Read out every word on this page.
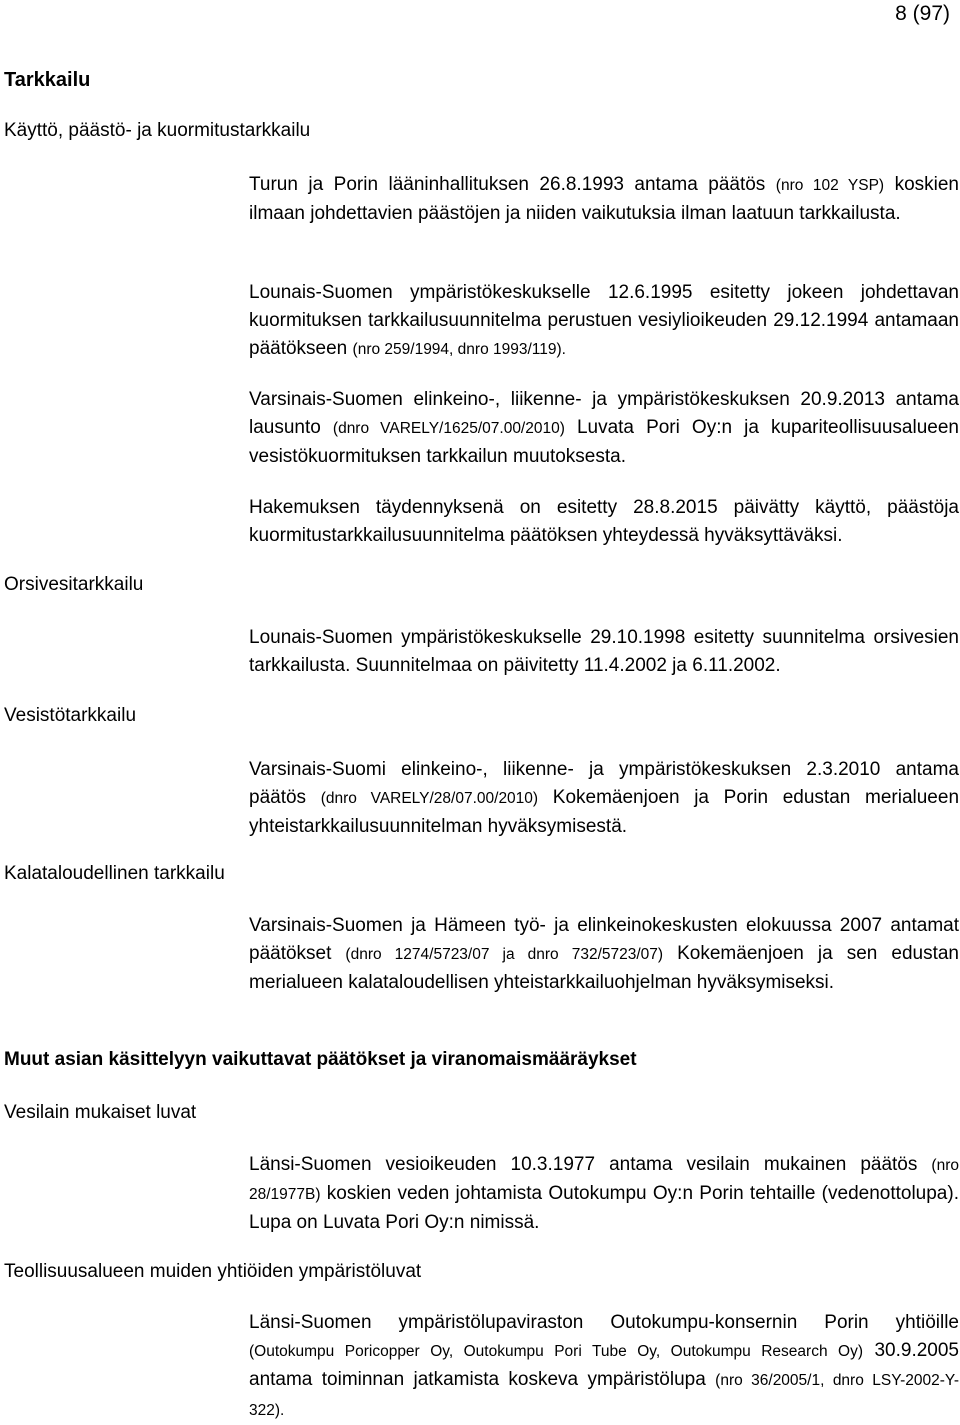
8 (97)
Tarkkailu
Käyttö, päästö- ja kuormitustarkkailu

Turun ja Porin lääninhallituksen 26.8.1993 antama päätös (nro 102 YSP) koskien ilmaan johdettavien päästöjen ja niiden vaikutuksia ilman laatuun tarkkailusta.

Lounais-Suomen ympäristökeskukselle 12.6.1995 esitetty jokeen johdettavan kuormituksen tarkkailusuunnitelma perustuen vesiylioikeuden 29.12.1994 antamaan päätökseen (nro 259/1994, dnro 1993/119).

Varsinais-Suomen elinkeino-, liikenne- ja ympäristökeskuksen 20.9.2013 antama lausunto (dnro VARELY/1625/07.00/2010) Luvata Pori Oy:n ja kupariteollisuusalueen vesistökuormituksen tarkkailun muutoksesta.

Hakemuksen täydennyksenä on esitetty 28.8.2015 päivätty käyttö, päästöja kuormitustarkkailusuunnitelma päätöksen yhteydessä hyväksyttäväksi.

Orsivesitarkkailu

Lounais-Suomen ympäristökeskukselle 29.10.1998 esitetty suunnitelma orsivesien tarkkailusta. Suunnitelmaa on päivitetty 11.4.2002 ja 6.11.2002.

Vesistötarkkailu

Varsinais-Suomi elinkeino-, liikenne- ja ympäristökeskuksen 2.3.2010 antama päätös (dnro VARELY/28/07.00/2010) Kokemäenjoen ja Porin edustan merialueen yhteistarkkailusuunnitelman hyväksymisestä.

Kalataloudellinen tarkkailu

Varsinais-Suomen ja Hämeen työ- ja elinkeinokeskusten elokuussa 2007 antamat päätökset (dnro 1274/5723/07 ja dnro 732/5723/07) Kokemäenjoen ja sen edustan merialueen kalataloudellisen yhteistarkkailuohjelman hyväksymiseksi.

Muut asian käsittelyyn vaikuttavat päätökset ja viranomaismääräykset
Vesilain mukaiset luvat

Länsi-Suomen vesioikeuden 10.3.1977 antama vesilain mukainen päätös (nro 28/1977B) koskien veden johtamista Outokumpu Oy:n Porin tehtaille (vedenottolupa). Lupa on Luvata Pori Oy:n nimissä.

Teollisuusalueen muiden yhtiöiden ympäristöluvat

Länsi-Suomen ympäristölupaviraston Outokumpu-konsernin Porin yhtiöille (Outokumpu Poricopper Oy, Outokumpu Pori Tube Oy, Outokumpu Research Oy) 30.9.2005 antama toiminnan jatkamista koskeva ympäristölupa (nro 36/2005/1, dnro LSY-2002-Y-322).
